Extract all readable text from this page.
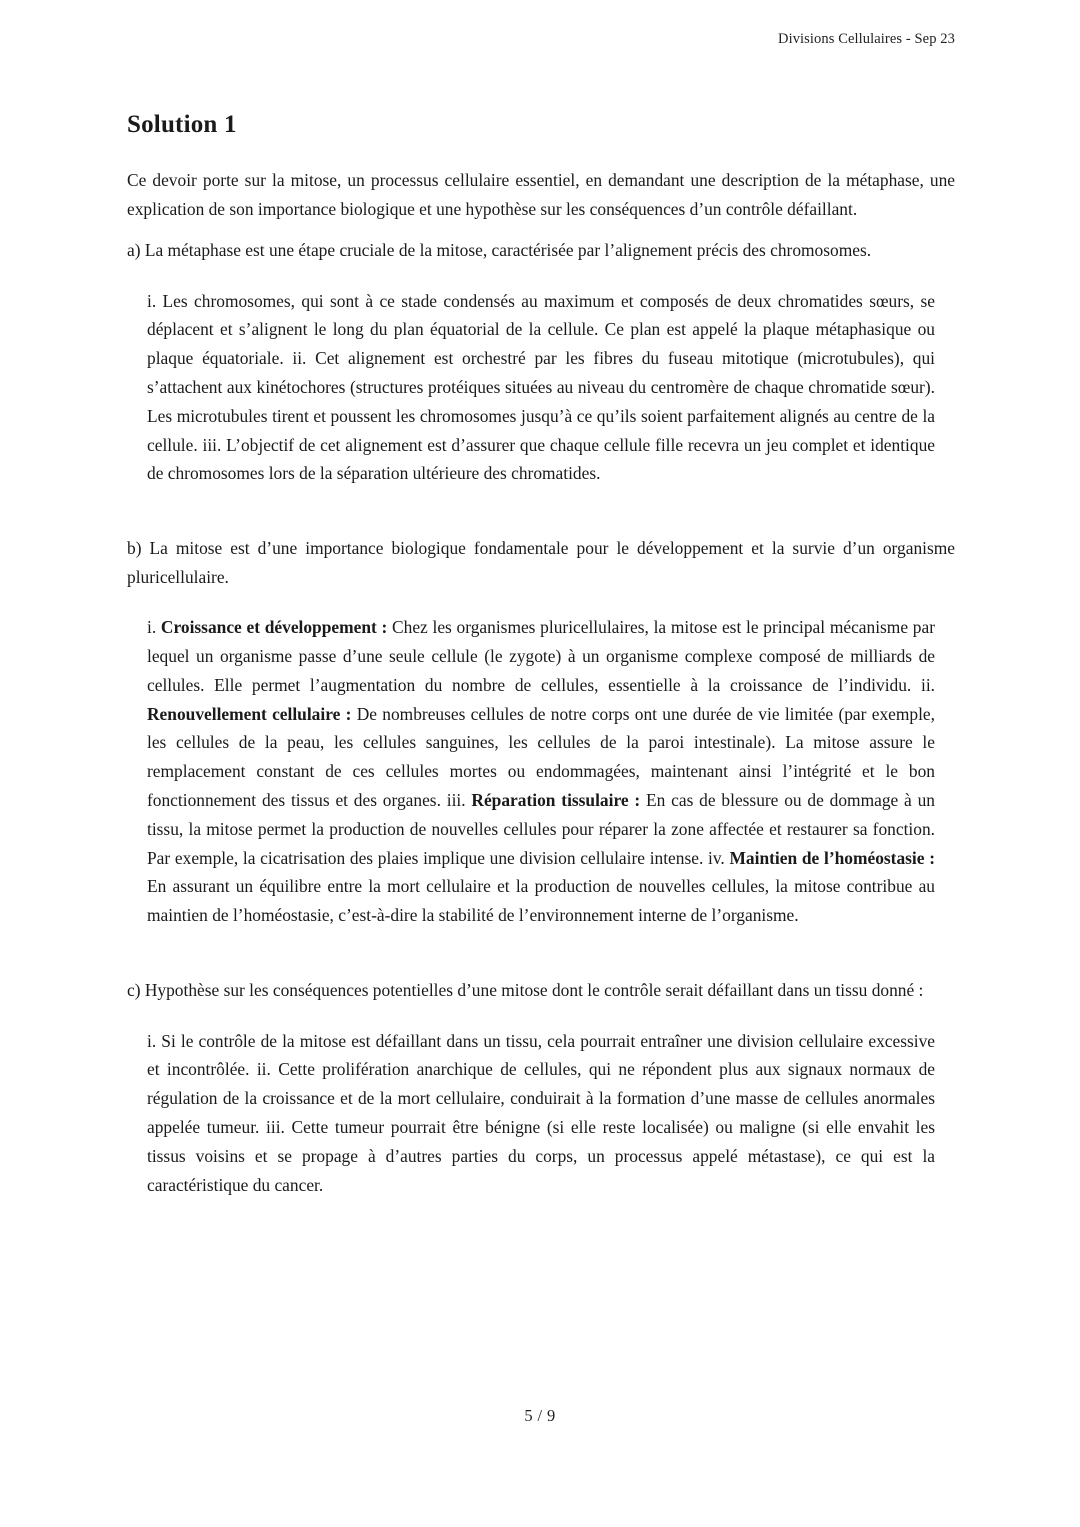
Divisions Cellulaires - Sep 23
Solution 1

Ce devoir porte sur la mitose, un processus cellulaire essentiel, en demandant une description de la métaphase, une explication de son importance biologique et une hypothèse sur les conséquences d’un contrôle défaillant.

a) La métaphase est une étape cruciale de la mitose, caractérisée par l’alignement précis des chromosomes.

i. Les chromosomes, qui sont à ce stade condensés au maximum et composés de deux chromatides sœurs, se déplacent et s’alignent le long du plan équatorial de la cellule. Ce plan est appelé la plaque métaphasique ou plaque équatoriale. ii. Cet alignement est orchestré par les fibres du fuseau mitotique (microtubules), qui s’attachent aux kinétochores (structures protéiques situées au niveau du centromère de chaque chromatide sœur). Les microtubules tirent et poussent les chromosomes jusqu’à ce qu’ils soient parfaitement alignés au centre de la cellule. iii. L’objectif de cet alignement est d’assurer que chaque cellule fille recevra un jeu complet et identique de chromosomes lors de la séparation ultérieure des chromatides.

b) La mitose est d’une importance biologique fondamentale pour le développement et la survie d’un organisme pluricellulaire.

i. Croissance et développement : Chez les organismes pluricellulaires, la mitose est le principal mécanisme par lequel un organisme passe d’une seule cellule (le zygote) à un organisme complexe composé de milliards de cellules. Elle permet l’augmentation du nombre de cellules, essentielle à la croissance de l’individu. ii. Renouvellement cellulaire : De nombreuses cellules de notre corps ont une durée de vie limitée (par exemple, les cellules de la peau, les cellules sanguines, les cellules de la paroi intestinale). La mitose assure le remplacement constant de ces cellules mortes ou endommagées, maintenant ainsi l’intégrité et le bon fonctionnement des tissus et des organes. iii. Réparation tissulaire : En cas de blessure ou de dommage à un tissu, la mitose permet la production de nouvelles cellules pour réparer la zone affectée et restaurer sa fonction. Par exemple, la cicatrisation des plaies implique une division cellulaire intense. iv. Maintien de l’homéostasie : En assurant un équilibre entre la mort cellulaire et la production de nouvelles cellules, la mitose contribue au maintien de l’homéostasie, c’est-à-dire la stabilité de l’environnement interne de l’organisme.

c) Hypothèse sur les conséquences potentielles d’une mitose dont le contrôle serait défaillant dans un tissu donné :

i. Si le contrôle de la mitose est défaillant dans un tissu, cela pourrait entraîner une division cellulaire excessive et incontrôlée. ii. Cette prolifération anarchique de cellules, qui ne répondent plus aux signaux normaux de régulation de la croissance et de la mort cellulaire, conduirait à la formation d’une masse de cellules anormales appelée tumeur. iii. Cette tumeur pourrait être bénigne (si elle reste localisée) ou maligne (si elle envahit les tissus voisins et se propage à d’autres parties du corps, un processus appelé métastase), ce qui est la caractéristique du cancer.

5 / 9
